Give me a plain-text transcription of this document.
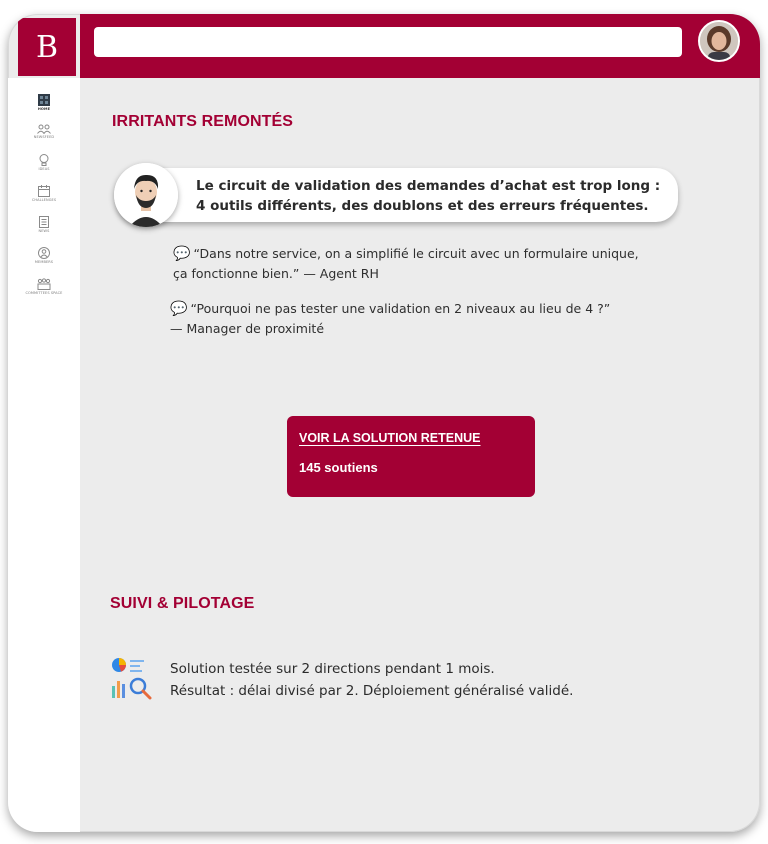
B
HOME
NEWSFEED
IDEAS
CHALLENGES
NEWS
MEMBERS
COMMITTEES SPACE
IRRITANTS REMONTÉS
Le circuit de validation des demandes d’achat est trop long :
4 outils différents, des doublons et des erreurs fréquentes.
💬 “Dans notre service, on a simplifié le circuit avec un formulaire unique,
ça fonctionne bien.” — Agent RH
💬 “Pourquoi ne pas tester une validation en 2 niveaux au lieu de 4 ?”
— Manager de proximité
VOIR LA SOLUTION RETENUE
145 soutiens
SUIVI & PILOTAGE
Solution testée sur 2 directions pendant 1 mois.
Résultat : délai divisé par 2. Déploiement généralisé validé.
